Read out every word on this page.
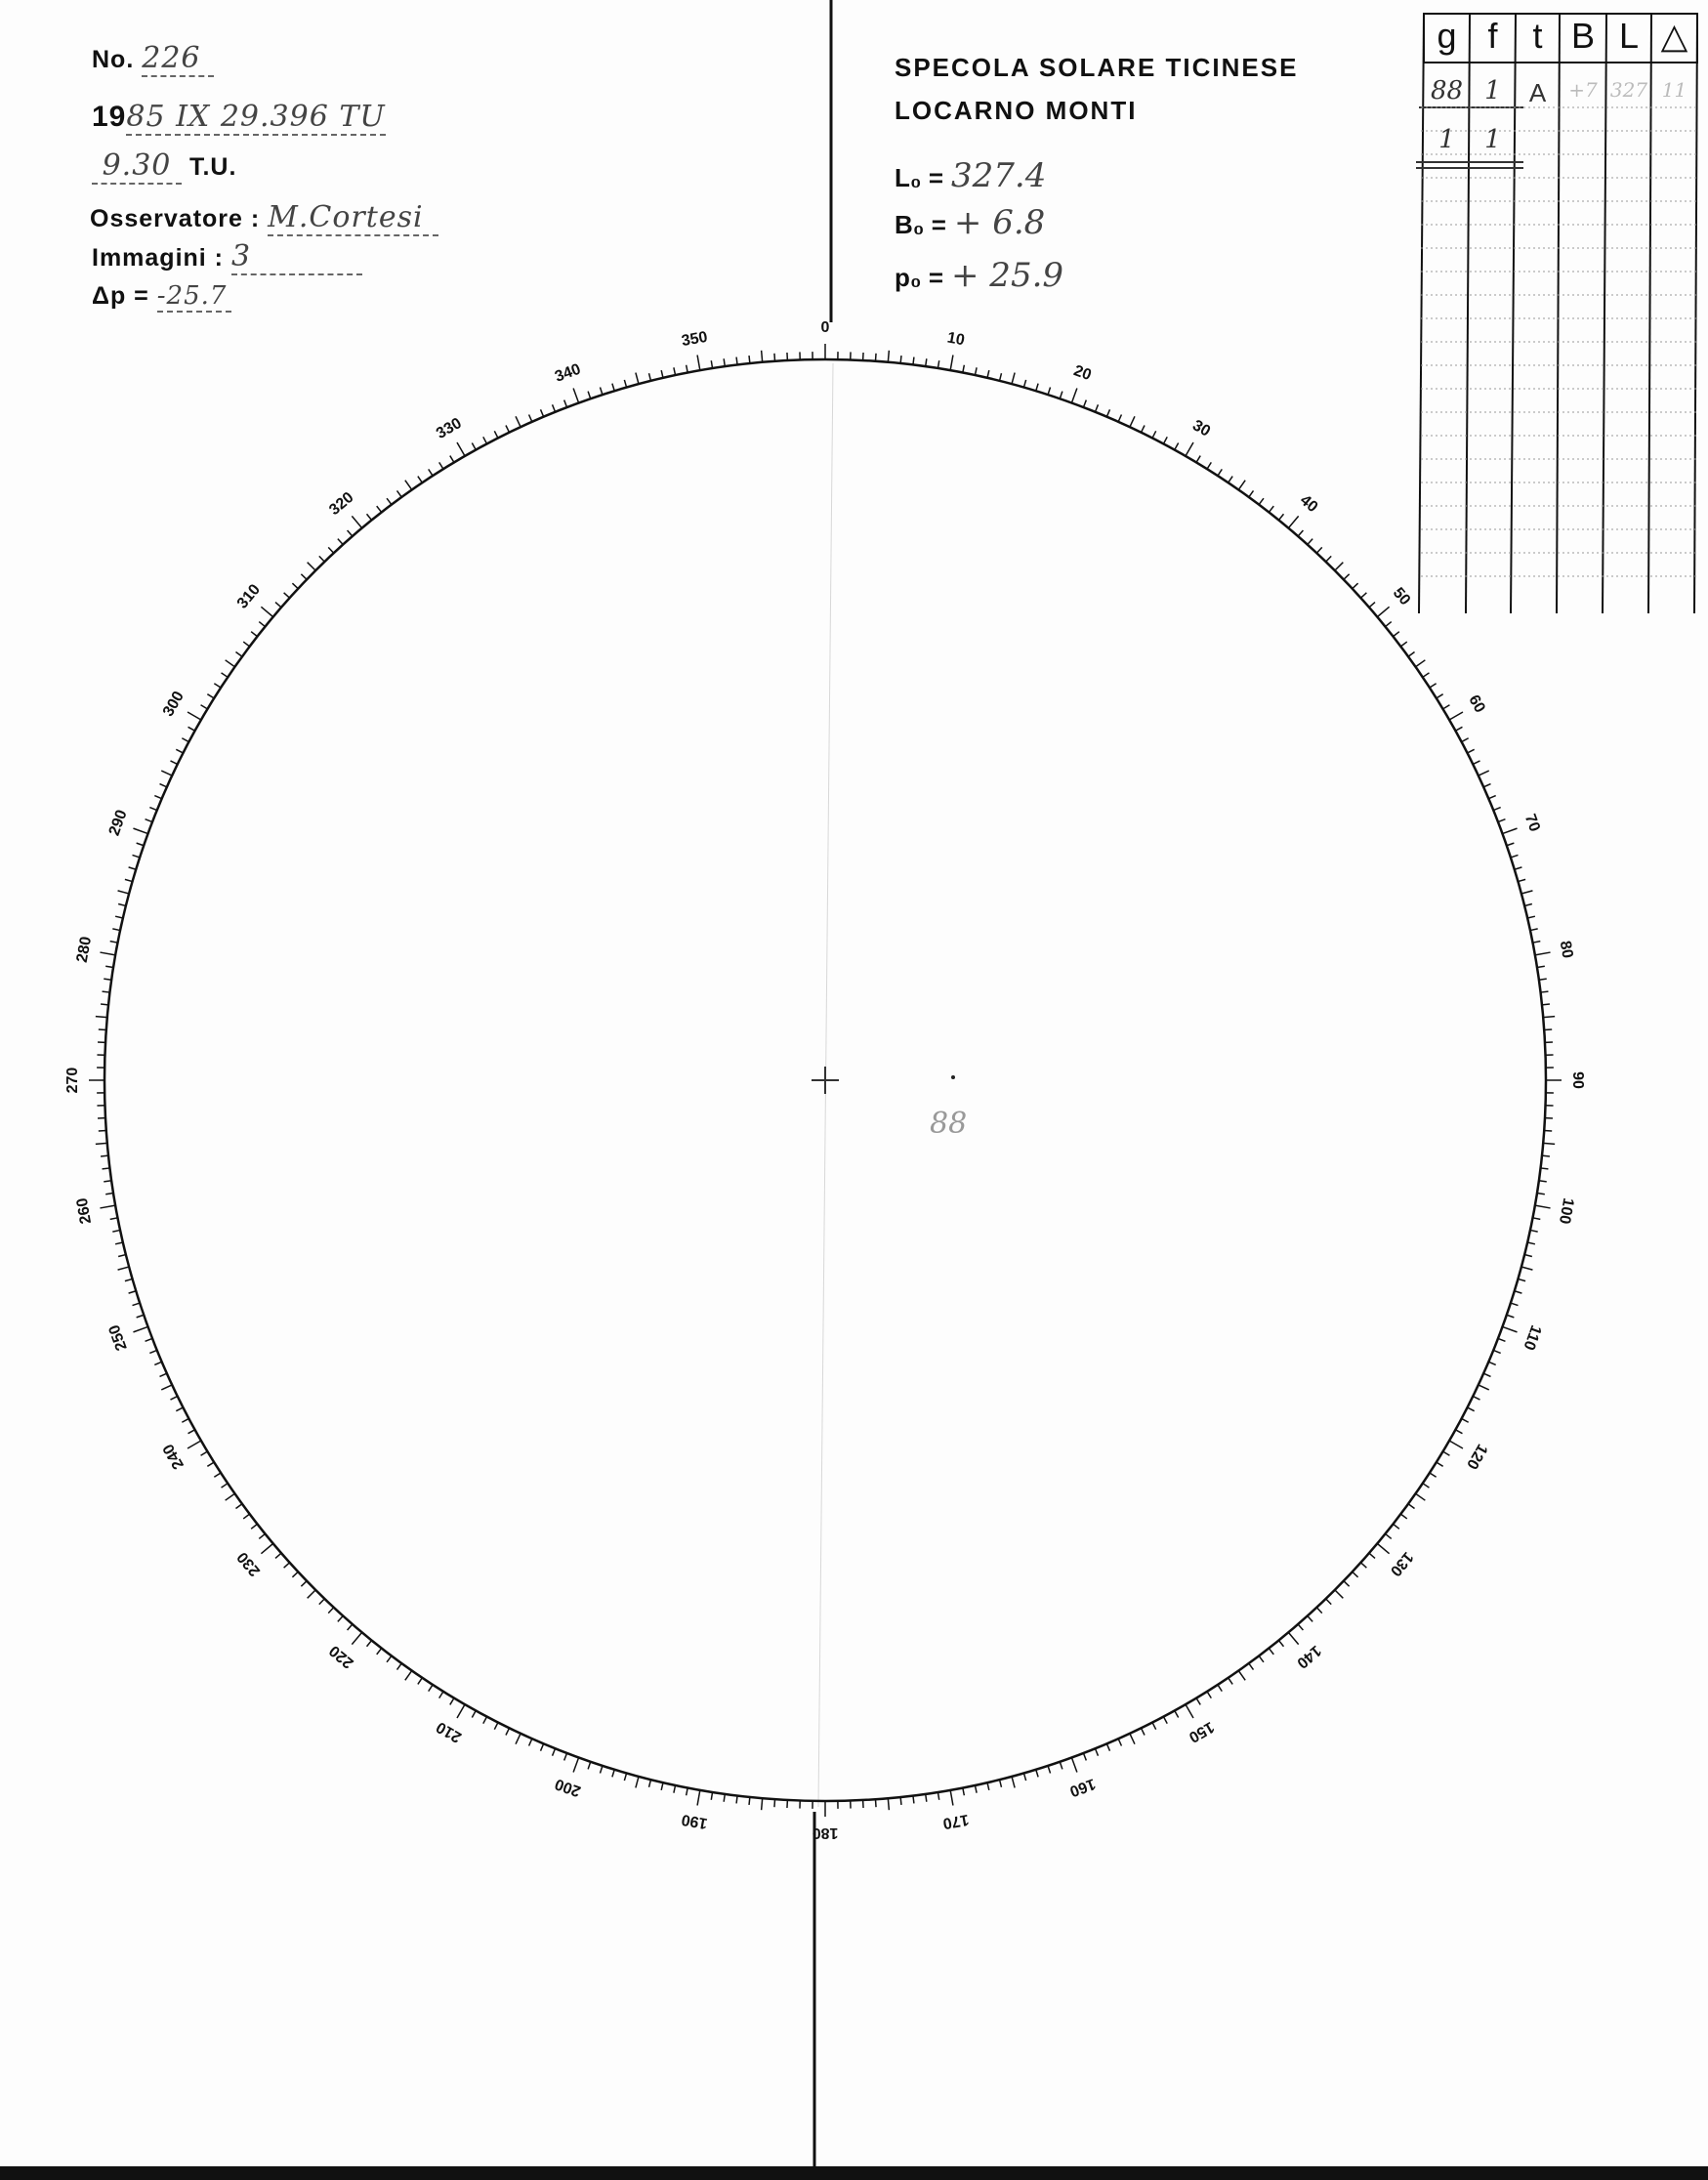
88
0
10
20
30
40
50
60
70
80
90
100
110
120
130
140
150
160
170
180
190
200
210
220
230
240
250
260
270
280
290
300
310
320
330
340
350
No. 226
1985 IX 29.396 TU
9.30 T.U.
Osservatore : M.Cortesi
Immagini : 3
Δp = -25.7
SPECOLA SOLARE TICINESE
LOCARNO MONTI
L₀ = 327.4
B₀ = + 6.8
p₀ = + 25.9
g f t B L △
88 1	A	+7 327 11
1	1
